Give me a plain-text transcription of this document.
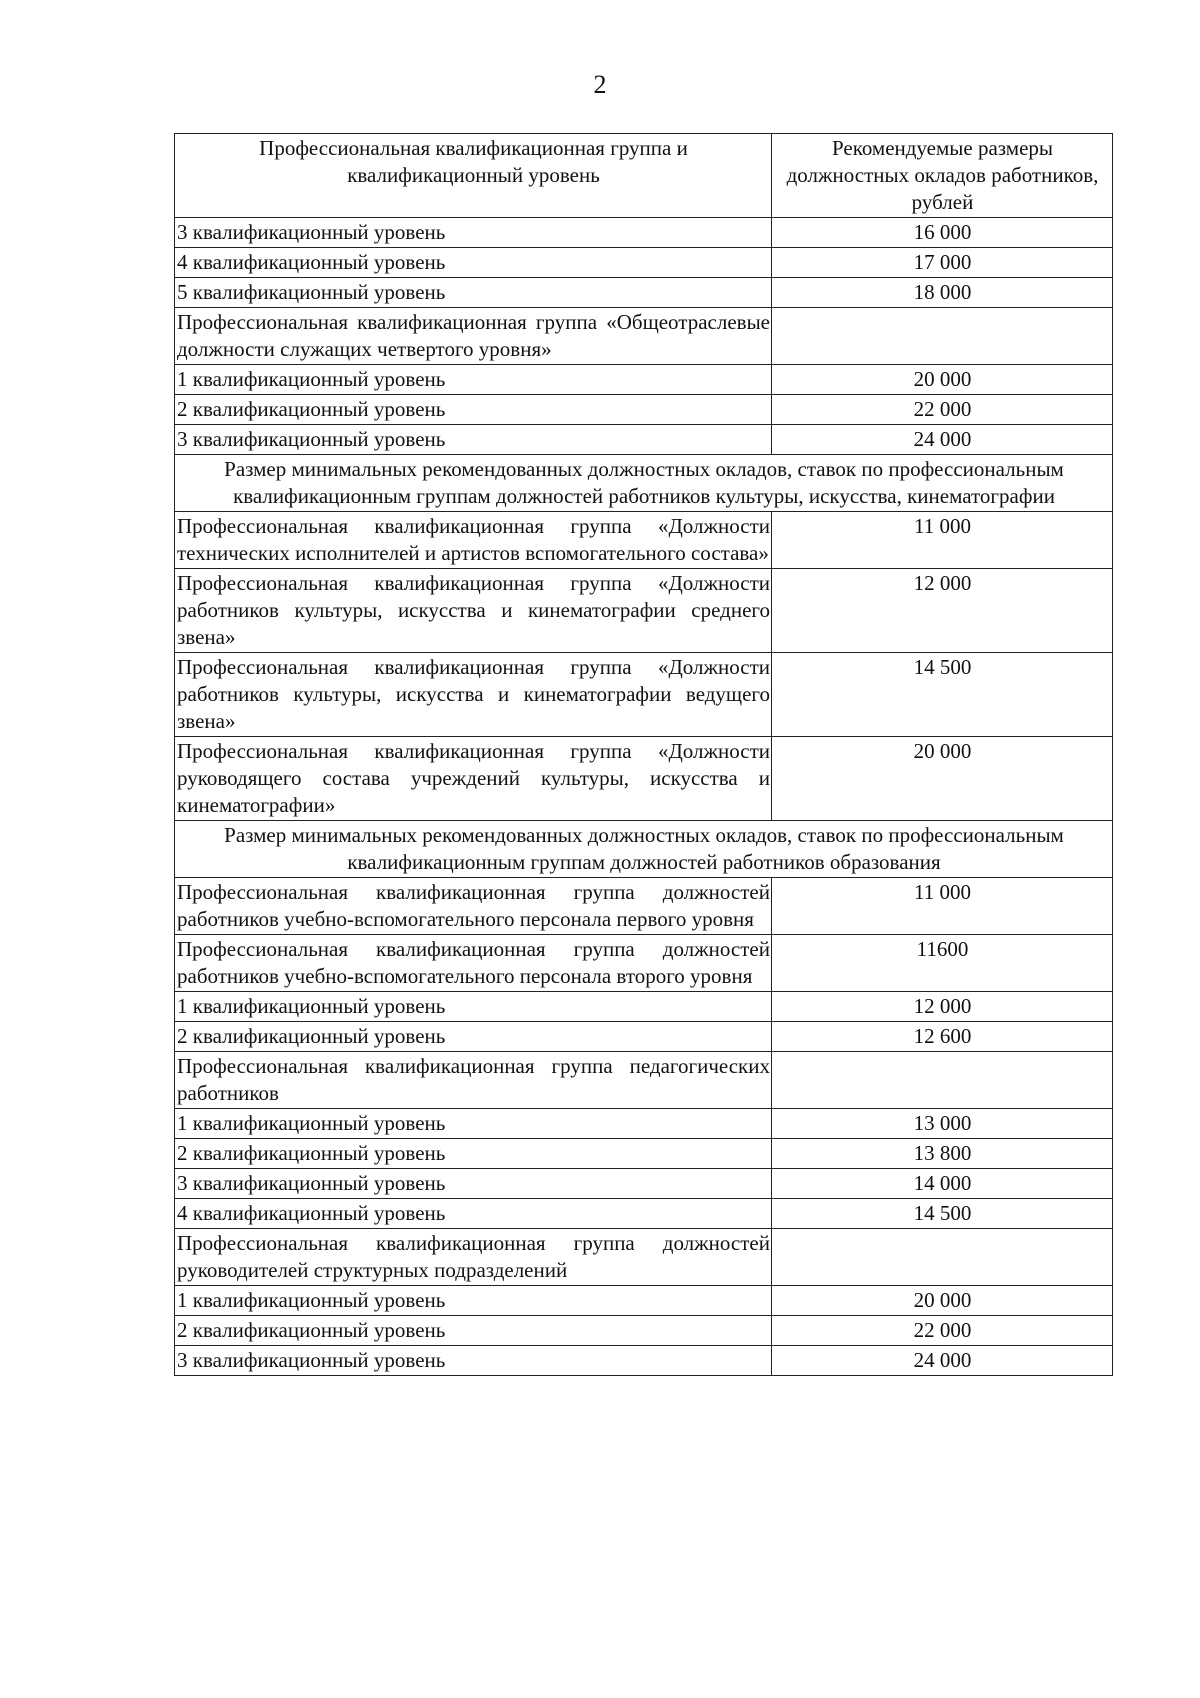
2
Профессиональная квалификационная группа и квалификационный уровень	Рекомендуемые размеры должностных окладов работников, рублей
3 квалификационный уровень	16 000
4 квалификационный уровень	17 000
5 квалификационный уровень	18 000
Профессиональная квалификационная группа «Общеотраслевые должности служащих четвертого уровня»	
1 квалификационный уровень	20 000
2 квалификационный уровень	22 000
3 квалификационный уровень	24 000
Размер минимальных рекомендованных должностных окладов, ставок по профессиональным квалификационным группам должностей работников культуры, искусства, кинематографии	
Профессиональная квалификационная группа «Должности технических исполнителей и артистов вспомогательного состава»	11 000
Профессиональная квалификационная группа «Должности работников культуры, искусства и кинематографии среднего звена»	12 000
Профессиональная квалификационная группа «Должности работников культуры, искусства и кинематографии ведущего звена»	14 500
Профессиональная квалификационная группа «Должности руководящего состава учреждений культуры, искусства и кинематографии»	20 000
Размер минимальных рекомендованных должностных окладов, ставок по профессиональным квалификационным группам должностей работников образования	
Профессиональная квалификационная группа должностей работников учебно-вспомогательного персонала первого уровня	11 000
Профессиональная квалификационная группа должностей работников учебно-вспомогательного персонала второго уровня	11600
1 квалификационный уровень	12 000
2 квалификационный уровень	12 600
Профессиональная квалификационная группа педагогических работников	
1 квалификационный уровень	13 000
2 квалификационный уровень	13 800
3 квалификационный уровень	14 000
4 квалификационный уровень	14 500
Профессиональная квалификационная группа должностей руководителей структурных подразделений	
1 квалификационный уровень	20 000
2 квалификационный уровень	22 000
3 квалификационный уровень	24 000
